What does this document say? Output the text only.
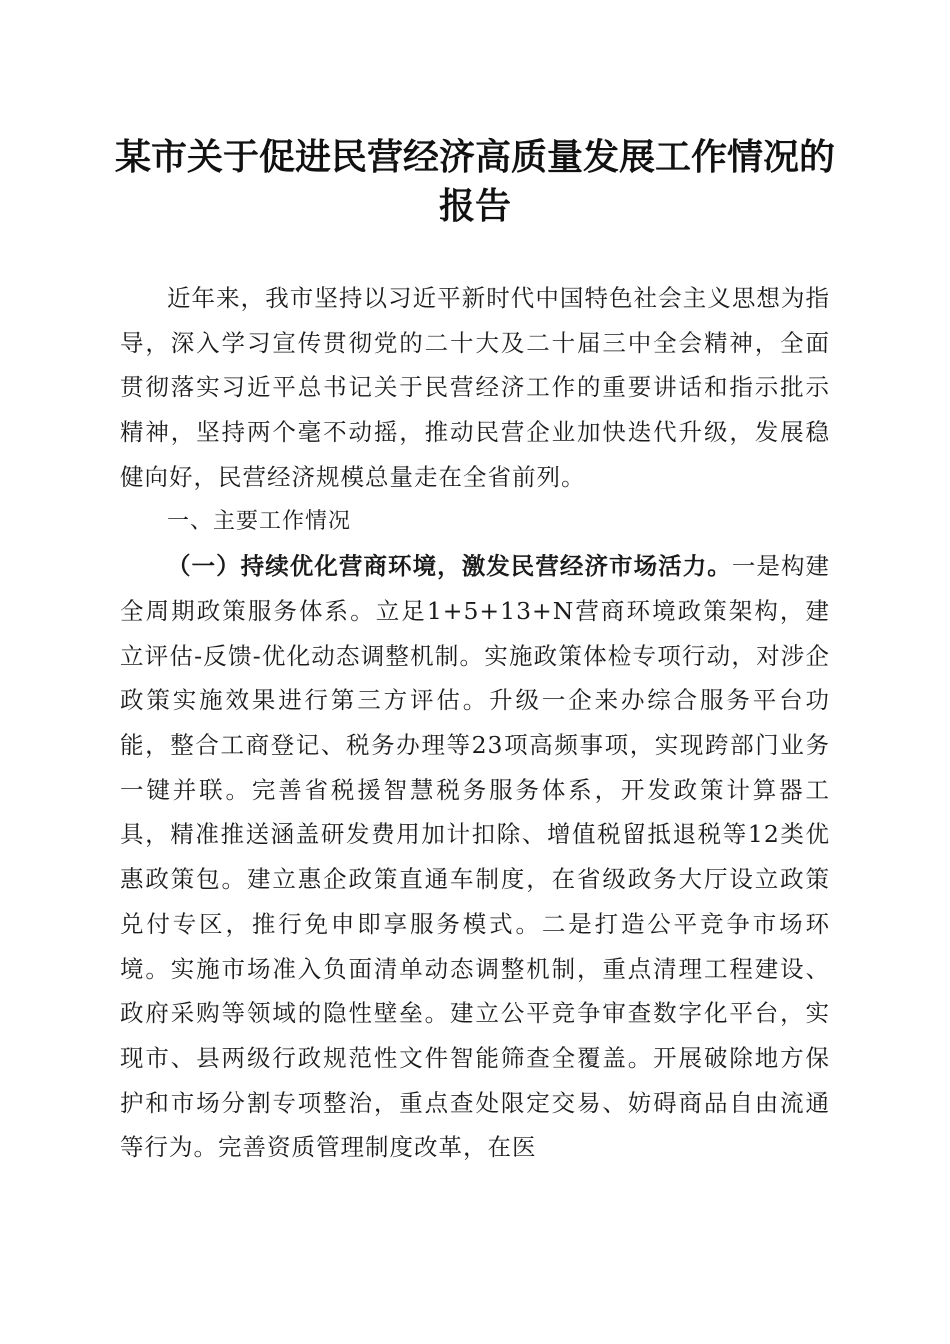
某市关于促进民营经济高质量发展工作情况的报告

近年来，我市坚持以习近平新时代中国特色社会主义思想为指导，深入学习宣传贯彻党的二十大及二十届三中全会精神，全面贯彻落实习近平总书记关于民营经济工作的重要讲话和指示批示精神，坚持两个毫不动摇，推动民营企业加快迭代升级，发展稳健向好，民营经济规模总量走在全省前列。

一、主要工作情况

（一）持续优化营商环境，激发民营经济市场活力。一是构建全周期政策服务体系。立足1+5+13+N营商环境政策架构，建立评估-反馈-优化动态调整机制。实施政策体检专项行动，对涉企政策实施效果进行第三方评估。升级一企来办综合服务平台功能，整合工商登记、税务办理等23项高频事项，实现跨部门业务一键并联。完善省税援智慧税务服务体系，开发政策计算器工具，精准推送涵盖研发费用加计扣除、增值税留抵退税等12类优惠政策包。建立惠企政策直通车制度，在省级政务大厅设立政策兑付专区，推行免申即享服务模式。二是打造公平竞争市场环境。实施市场准入负面清单动态调整机制，重点清理工程建设、政府采购等领域的隐性壁垒。建立公平竞争审查数字化平台，实现市、县两级行政规范性文件智能筛查全覆盖。开展破除地方保护和市场分割专项整治，重点查处限定交易、妨碍商品自由流通等行为。完善资质管理制度改革，在医
